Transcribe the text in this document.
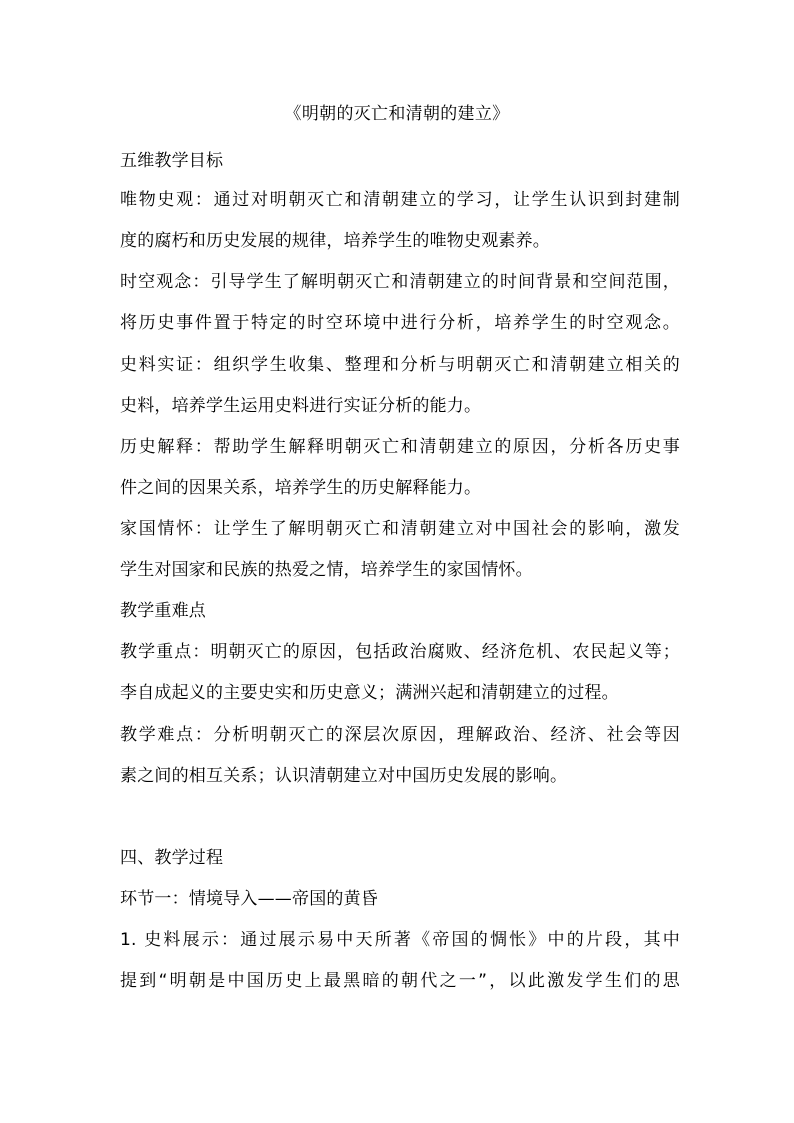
《明朝的灭亡和清朝的建立》
五维教学目标
唯物史观：通过对明朝灭亡和清朝建立的学习，让学生认识到封建制
度的腐朽和历史发展的规律，培养学生的唯物史观素养。
时空观念：引导学生了解明朝灭亡和清朝建立的时间背景和空间范围，
将历史事件置于特定的时空环境中进行分析，培养学生的时空观念。
史料实证：组织学生收集、整理和分析与明朝灭亡和清朝建立相关的
史料，培养学生运用史料进行实证分析的能力。
历史解释：帮助学生解释明朝灭亡和清朝建立的原因，分析各历史事
件之间的因果关系，培养学生的历史解释能力。
家国情怀：让学生了解明朝灭亡和清朝建立对中国社会的影响，激发
学生对国家和民族的热爱之情，培养学生的家国情怀。
教学重难点
教学重点：明朝灭亡的原因，包括政治腐败、经济危机、农民起义等；
李自成起义的主要史实和历史意义；满洲兴起和清朝建立的过程。
教学难点：分析明朝灭亡的深层次原因，理解政治、经济、社会等因
素之间的相互关系；认识清朝建立对中国历史发展的影响。
四、教学过程
环节一：情境导入——帝国的黄昏
1. 史料展示：通过展示易中天所著《帝国的惆怅》中的片段，其中
提到“明朝是中国历史上最黑暗的朝代之一”，以此激发学生们的思
